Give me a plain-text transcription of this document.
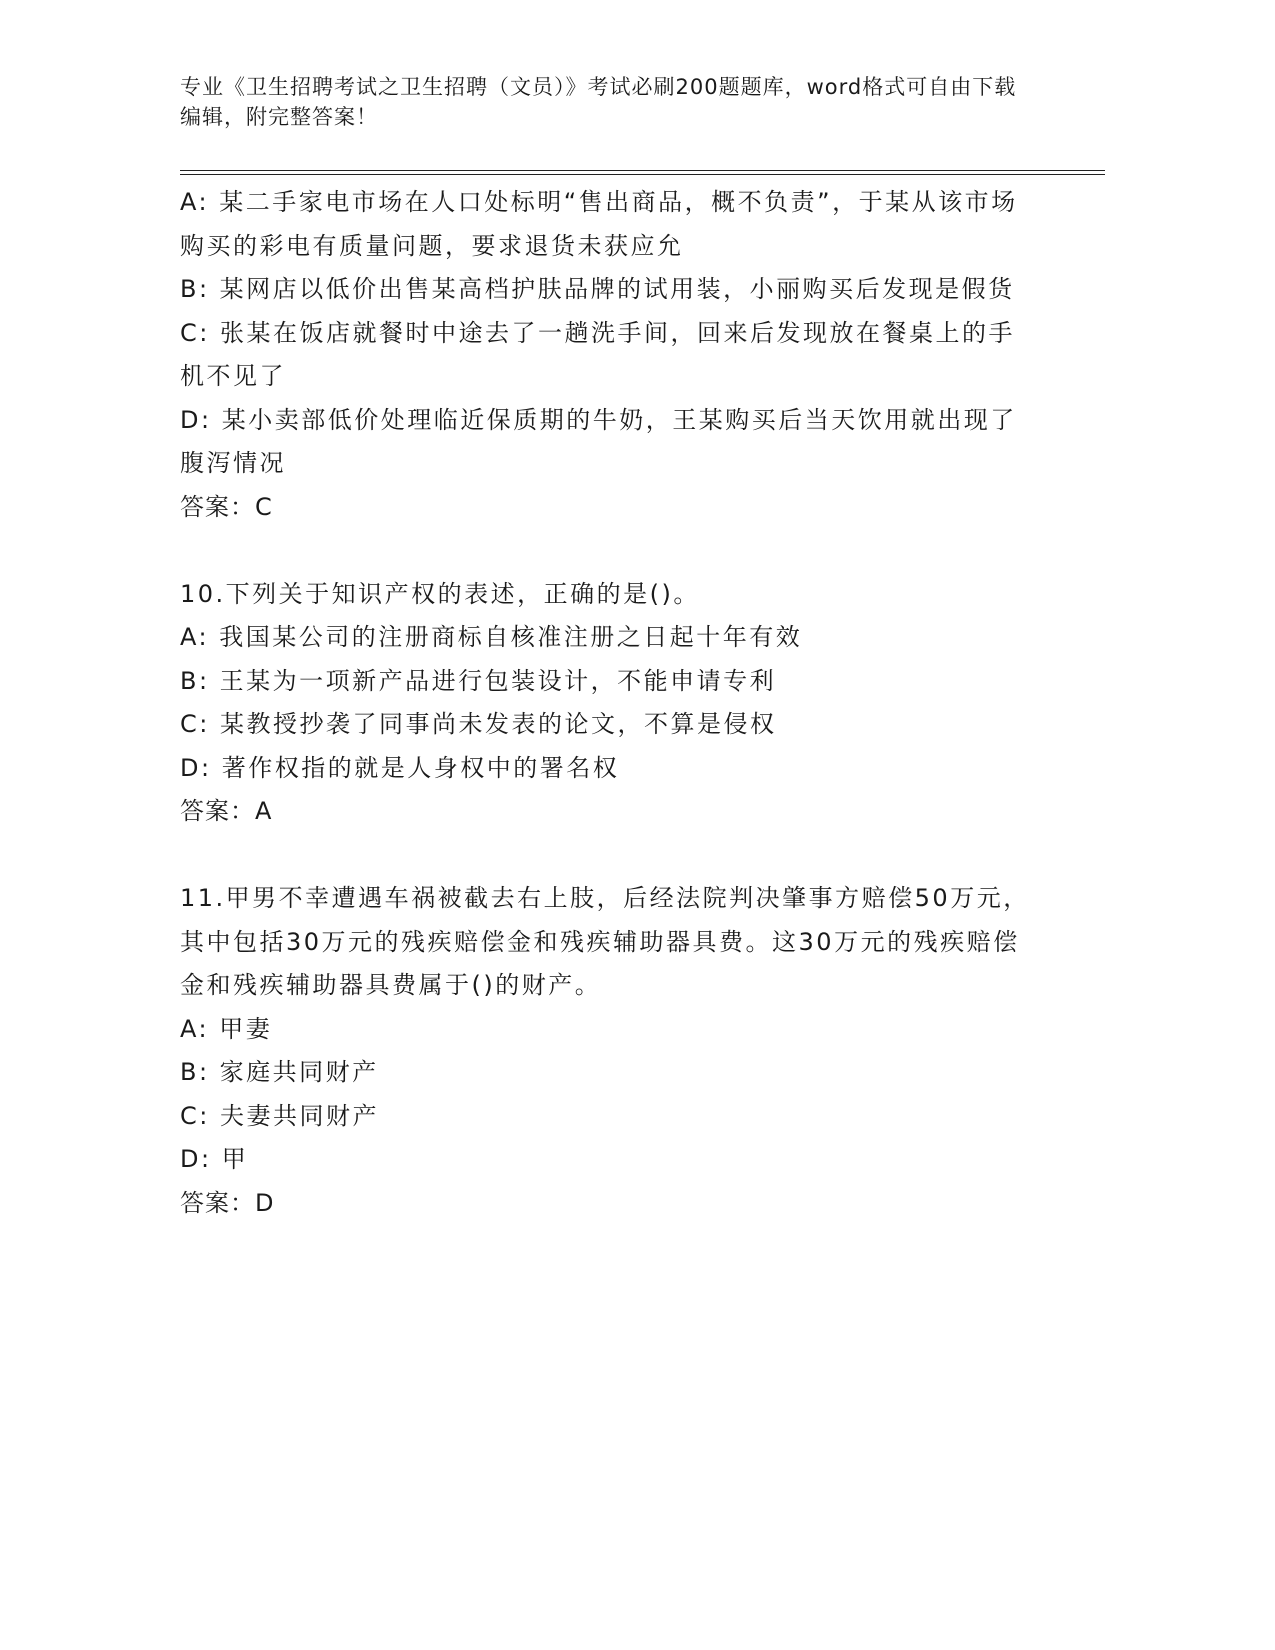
专业《卫生招聘考试之卫生招聘（文员）》考试必刷200题题库，word格式可自由下载编辑，附完整答案！
A: 某二手家电市场在人口处标明“售出商品，概不负责”，于某从该市场购买的彩电有质量问题，要求退货未获应允
B: 某网店以低价出售某高档护肤品牌的试用装，小丽购买后发现是假货
C: 张某在饭店就餐时中途去了一趟洗手间，回来后发现放在餐桌上的手机不见了
D: 某小卖部低价处理临近保质期的牛奶，王某购买后当天饮用就出现了腹泻情况
答案：C
10.下列关于知识产权的表述，正确的是()。
A: 我国某公司的注册商标自核准注册之日起十年有效
B: 王某为一项新产品进行包装设计，不能申请专利
C: 某教授抄袭了同事尚未发表的论文，不算是侵权
D: 著作权指的就是人身权中的署名权
答案：A
11.甲男不幸遭遇车祸被截去右上肢，后经法院判决肇事方赔偿50万元，其中包括30万元的残疾赔偿金和残疾辅助器具费。这30万元的残疾赔偿金和残疾辅助器具费属于()的财产。
A: 甲妻
B: 家庭共同财产
C: 夫妻共同财产
D: 甲
答案：D
